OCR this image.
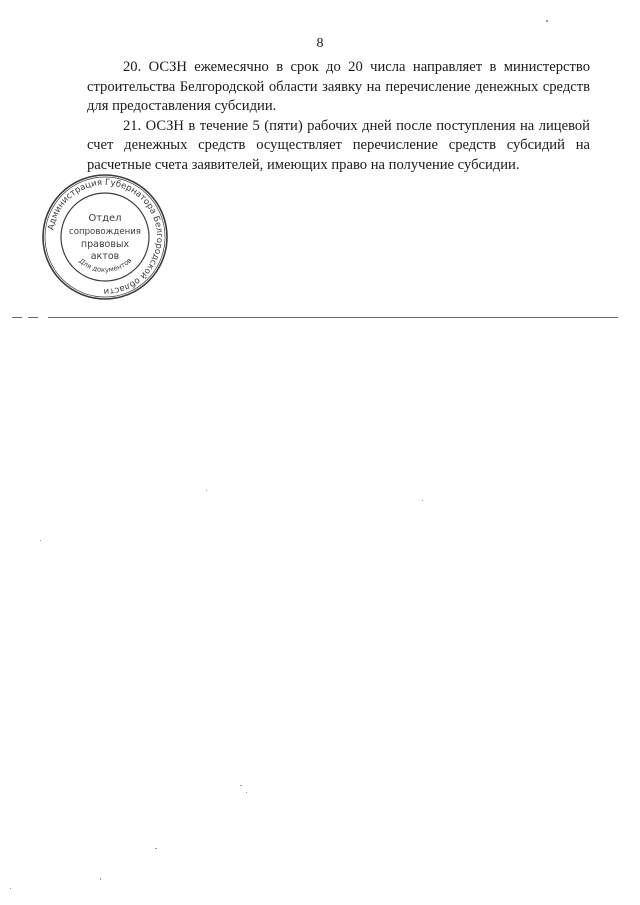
8

20. ОСЗН ежемесячно в срок до 20 числа направляет в министерство строительства Белгородской области заявку на перечисление денежных средств для предоставления субсидии.

21. ОСЗН в течение 5 (пяти) рабочих дней после поступления на лицевой счет денежных средств осуществляет перечисление средств субсидий на расчетные счета заявителей, имеющих право на получение субсидии.

Администрация Губернатора Белгородской области
Отдел
сопровождения
правовых
актов
Для документов
